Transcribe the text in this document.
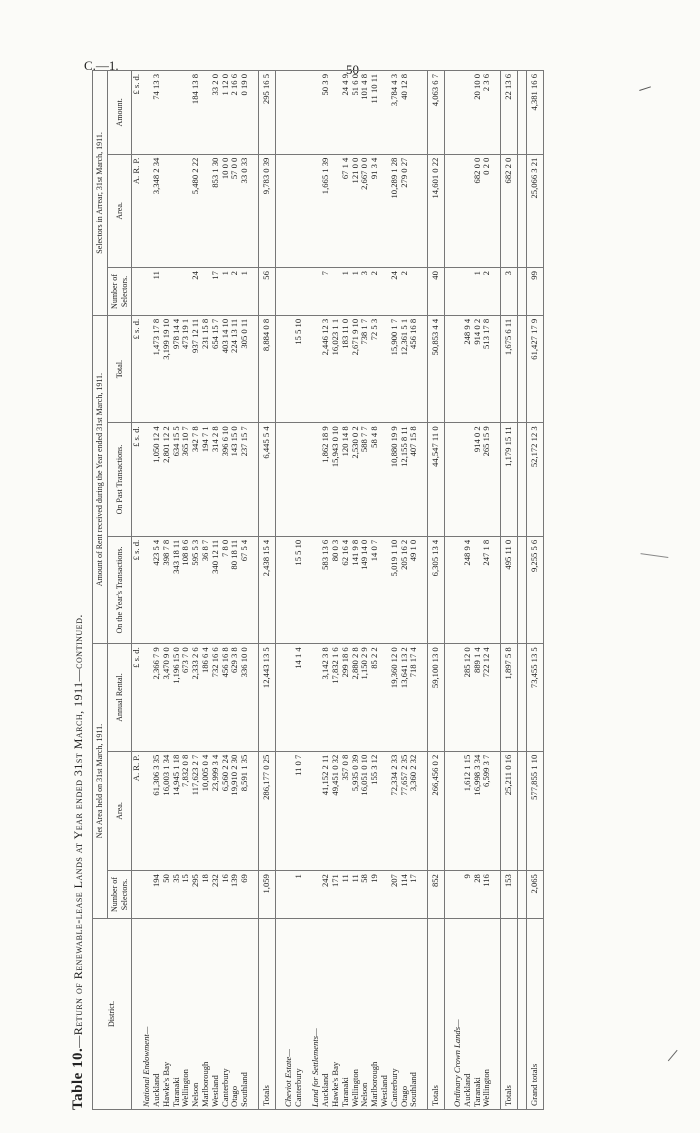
C.—1.	50
Table 10.—Return of Renewable-lease Lands at Year ended 31st March, 1911—continued.	District.	Net Area held on 31st March, 1911.			Amount of Rent received during the Year ended 31st March, 1911.			Selectors in Arrear, 31st March, 1911.		
	Number of Selectors.	Area.	Annual Rental.	On the Year's Transactions.	On Past Transactions.	Total.	Number of Selectors.	Area.	Amount.
		A. R. P.	£ s. d.	£ s. d.	£ s. d.	£ s. d.		A. R. P.	£ s. d.
National Endowment—									
Auckland	194	61,306 3 35	2,366 7 9	423 5 4	1,050 12 4	1,473 17 8	11	3,348 2 34	74 13 3
Hawke's Bay	50	16,003 1 34	3,470 9 0	398 7 8	2,801 12 2	3,199 19 10			
Taranaki	35	14,945 1 18	1,196 15 0	343 18 11	634 15 5	978 14 4			
Wellington	15	7,832 0 8	673 7 0	108 8 6	365 10 7	473 19 1			
Nelson	295	117,623 2 7	2,333 2 6	595 5 3	342 7 8	937 12 11	24	5,480 2 22	184 13 8
Marlborough	18	10,005 0 4	186 6 4	36 8 7	194 7 1	231 15 8			
Westland	232	23,999 3 4	732 16 6	340 12 11	314 2 8	654 15 7	17	853 1 30	33 2 0
Canterbury	16	6,560 2 24	456 16 8	7 8 0	396 6 10	403 14 10	1	10 0 0	1 12 0
Otago	139	19,910 2 30	629 3 8	80 18 11	143 15 0	224 13 11	2	57 0 0	2 16 6
Southland	69	8,591 1 35	336 10 0	67 5 4	237 15 7	305 0 11	1	33 0 33	0 19 0

Totals	1,059	286,177 0 25	12,443 13 5	2,438 15 4	6,445 5 4	8,884 0 8	56	9,783 0 39	295 16 5

Cheviot Estate—									
Canterbury	1	11 0 7	14 1 4	15 5 10		15 5 10			

Land for Settlements—									
Auckland	242	41,152 2 11	3,142 3 8	583 13 6	1,862 18 9	2,446 12 3	7	1,665 1 39	50 3 9
Hawke's Bay	171	49,451 0 32	17,832 1 6	80 0 3	15,943 0 10	16,023 1 1			
Taranaki	11	357 0 8	299 18 6	62 16 4	120 14 8	183 11 0	1	67 1 4	24 4 9
Wellington	11	5,935 0 39	2,880 2 8	141 9 8	2,530 0 2	2,671 9 10	1	121 0 0	51 6 0
Nelson	58	16,051 0 10	1,150 2 9	149 14 0	588 7 7	738 1 7	3	2,667 0 0	101 4 8
Marlborough	19	155 3 12	85 2 2	14 0 7	58 4 8	72 5 3	2	91 3 4	11 10 11
Westland									
Canterbury	207	72,334 2 33	19,360 12 0	5,019 1 10	10,880 19 9	15,900 1 7	24	10,289 1 28	3,784 4 3
Otago	114	77,657 2 35	13,641 13 2	205 16 2	12,155 8 11	12,361 5 1	2	279 0 27	40 12 8
Southland	17	3,360 2 32	718 17 4	49 1 0	407 15 8	456 16 8			

Totals	852	266,456 0 2	59,100 13 0	6,305 13 4	44,547 11 0	50,853 4 4	40	14,601 0 22	4,063 6 7

Ordinary Crown Lands—									
Auckland	9	1,612 1 15	285 12 0	248 9 4		248 9 4			
Taranaki	28	16,998 3 34	889 1 4		914 0 2	914 0 2	1	682 0 0	20 10 0
Wellington	116	6,599 3 7	722 12 4	247 1 8	265 15 9	513 17 8	2	0 2 0	2 3 6

Totals	153	25,211 0 16	1,897 5 8	495 11 0	1,179 15 11	1,675 6 11	3	682 2 0	22 13 6

Grand totals	2,065	577,855 1 10	73,455 13 5	9,255 5 6	52,172 12 3	61,427 17 9	99	25,066 3 21	4,381 16 6
